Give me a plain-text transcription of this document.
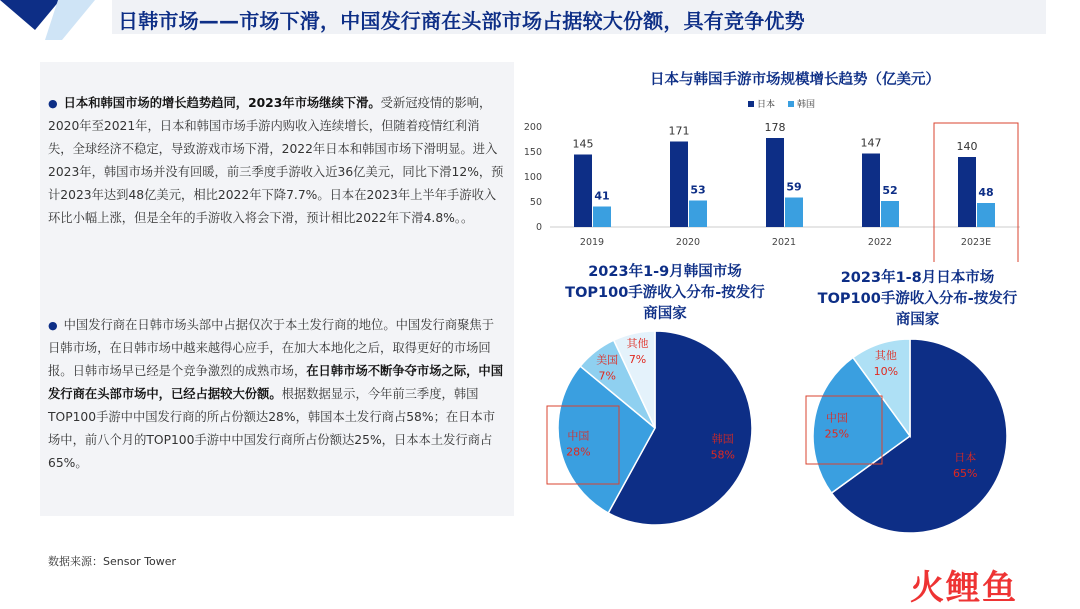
日韩市场——市场下滑，中国发行商在头部市场占据较大份额，具有竞争优势
● 日本和韩国市场的增长趋势趋同，2023年市场继续下滑。受新冠疫情的影响，2020年至2021年，日本和韩国市场手游内购收入连续增长，但随着疫情红利消失，全球经济不稳定，导致游戏市场下滑，2022年日本和韩国市场下滑明显。进入2023年，韩国市场并没有回暖，前三季度手游收入近36亿美元，同比下滑12%，预计2023年达到48亿美元，相比2022年下降7.7%。日本在2023年上半年手游收入环比小幅上涨，但是全年的手游收入将会下滑，预计相比2022年下滑4.8%。。
● 中国发行商在日韩市场头部中占据仅次于本土发行商的地位。中国发行商聚焦于日韩市场，在日韩市场中越来越得心应手，在加大本地化之后，取得更好的市场回报。日韩市场早已经是个竞争激烈的成熟市场，在日韩市场不断争夺市场之际，中国发行商在头部市场中，已经占据较大份额。根据数据显示，今年前三季度，韩国TOP100手游中中国发行商的所占份额达28%，韩国本土发行商占58%；在日本市场中，前八个月的TOP100手游中中国发行商所占份额达25%，日本本土发行商占65%。
数据来源：Sensor Tower
日本与韩国手游市场规模增长趋势（亿美元）
日本 韩国
0
50
100
150
200
145
41
2019
171
53
2020
178
59
2021
147
52
2022
140
48
2023E
2023年1-9月韩国市场TOP100手游收入分布-按发行商国家
韩国
58%
中国
28%
美国
7%
其他
7%
2023年1-8月日本市场TOP100手游收入分布-按发行商国家
日本
65%
中国
25%
其他
10%
火鲤鱼
